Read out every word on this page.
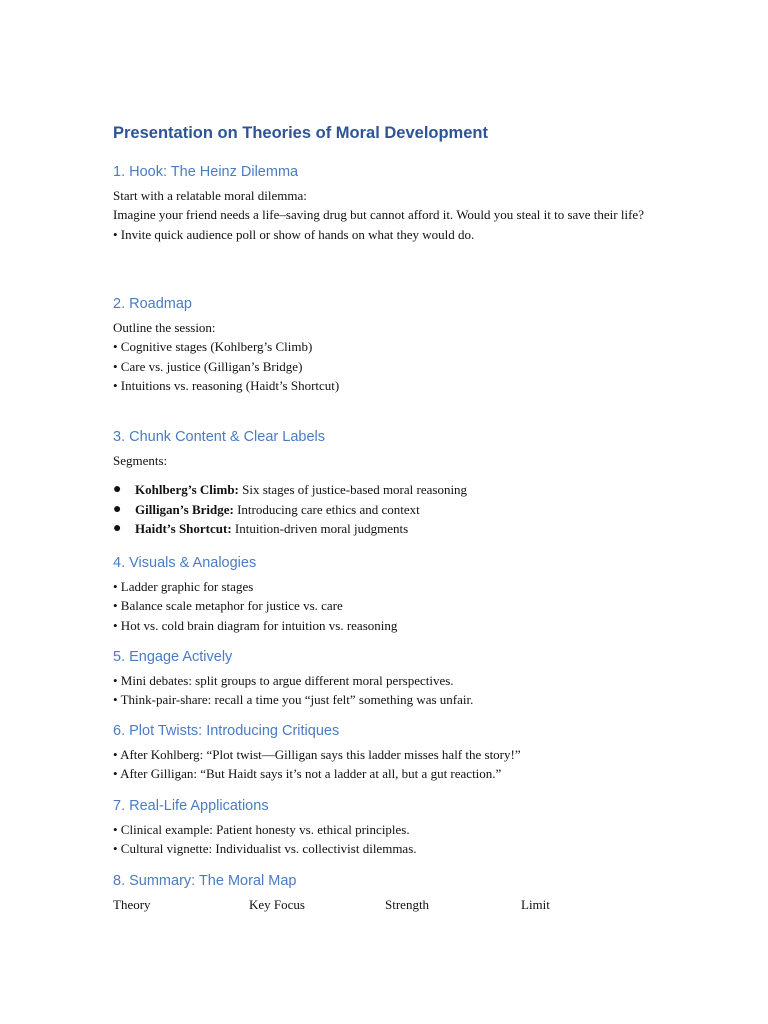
Presentation on Theories of Moral Development
1. Hook: The Heinz Dilemma

Start with a relatable moral dilemma:

Imagine your friend needs a life–saving drug but cannot afford it. Would you steal it to save their life?

• Invite quick audience poll or show of hands on what they would do.

2. Roadmap

Outline the session:

• Cognitive stages (Kohlberg’s Climb)

• Care vs. justice (Gilligan’s Bridge)

• Intuitions vs. reasoning (Haidt’s Shortcut)

3. Chunk Content & Clear Labels

Segments:

● Kohlberg’s Climb: Six stages of justice-based moral reasoning
● Gilligan’s Bridge: Introducing care ethics and context
● Haidt’s Shortcut: Intuition-driven moral judgments
4. Visuals & Analogies

• Ladder graphic for stages

• Balance scale metaphor for justice vs. care

• Hot vs. cold brain diagram for intuition vs. reasoning

5. Engage Actively

• Mini debates: split groups to argue different moral perspectives.

• Think-pair-share: recall a time you “just felt” something was unfair.

6. Plot Twists: Introducing Critiques

• After Kohlberg: “Plot twist—Gilligan says this ladder misses half the story!”

• After Gilligan: “But Haidt says it’s not a ladder at all, but a gut reaction.”

7. Real-Life Applications

• Clinical example: Patient honesty vs. ethical principles.

• Cultural vignette: Individualist vs. collectivist dilemmas.

8. Summary: The Moral Map
Theory	Key Focus	Strength	Limit
